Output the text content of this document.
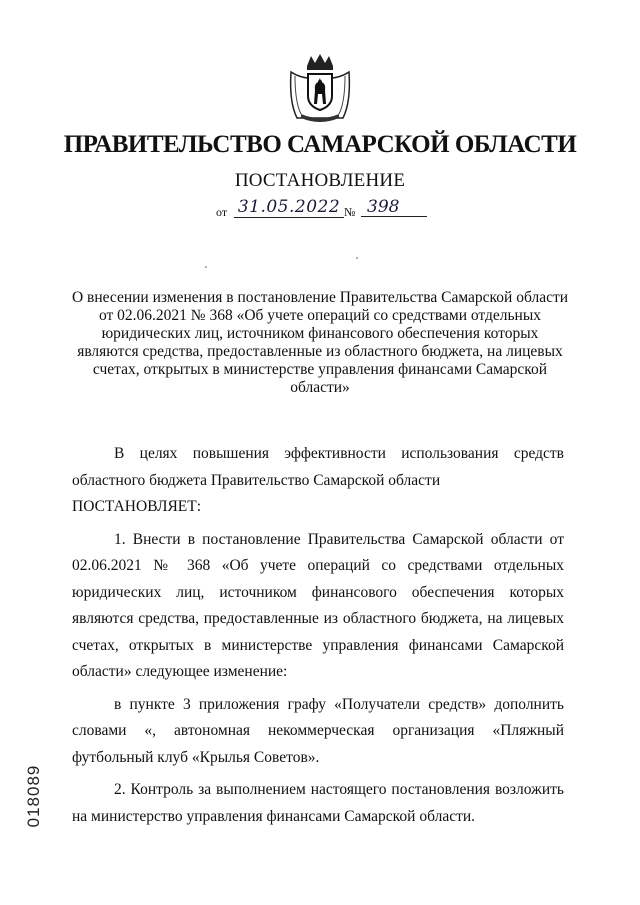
ПРАВИТЕЛЬСТВО САМАРСКОЙ ОБЛАСТИ
ПОСТАНОВЛЕНИЕ
от 31.05.2022 № 398
О внесении изменения в постановление Правительства Самарской области от 02.06.2021 № 368 «Об учете операций со средствами отдельных юридических лиц, источником финансового обеспечения которых являются средства, предоставленные из областного бюджета, на лицевых счетах, открытых в министерстве управления финансами Самарской области»

В целях повышения эффективности использования средств областного бюджета Правительство Самарской области

ПОСТАНОВЛЯЕТ:

1. Внести в постановление Правительства Самарской области от 02.06.2021 № 368 «Об учете операций со средствами отдельных юридических лиц, источником финансового обеспечения которых являются средства, предоставленные из областного бюджета, на лицевых счетах, открытых в министерстве управления финансами Самарской области» следующее изменение:

в пункте 3 приложения графу «Получатели средств» дополнить словами «, автономная некоммерческая организация «Пляжный футбольный клуб «Крылья Советов».

2. Контроль за выполнением настоящего постановления возложить на министерство управления финансами Самарской области.

018089
